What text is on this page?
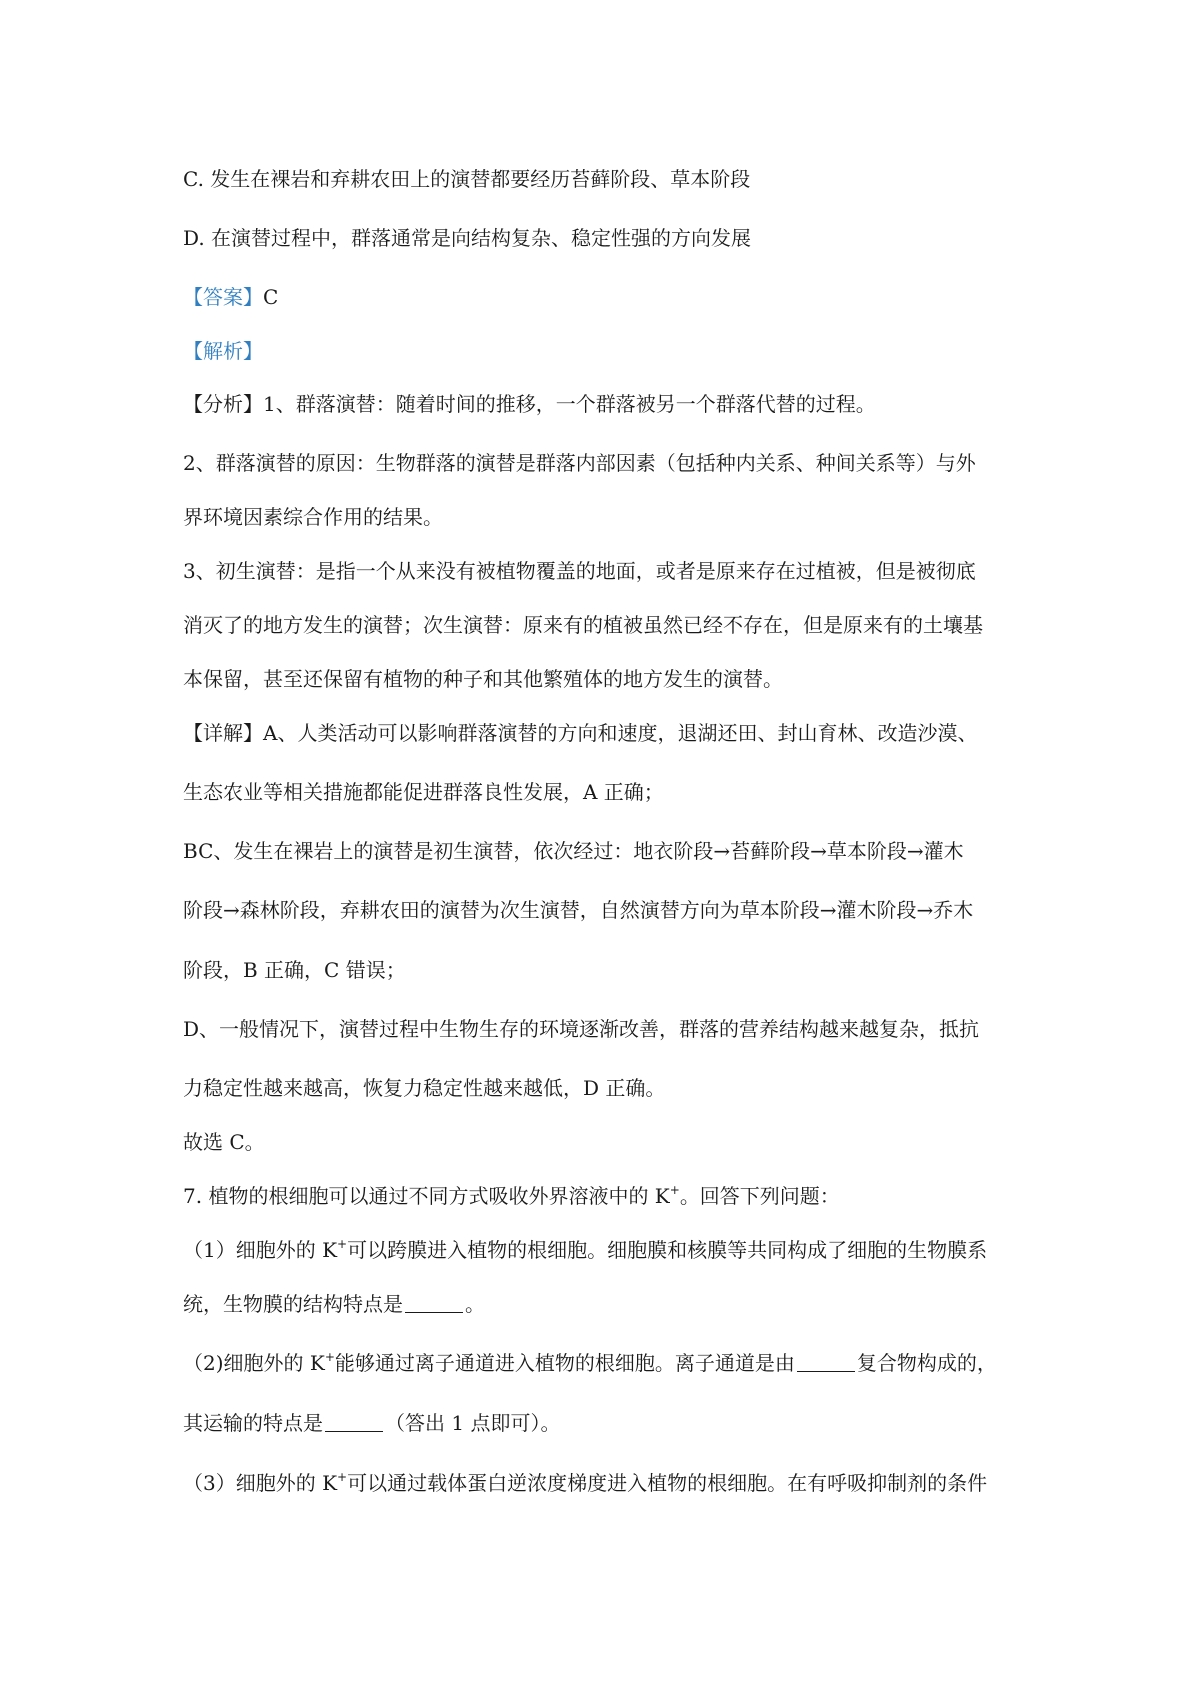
C. 发生在裸岩和弃耕农田上的演替都要经历苔藓阶段、草本阶段
D. 在演替过程中，群落通常是向结构复杂、稳定性强的方向发展
【答案】C
【解析】
【分析】1、群落演替：随着时间的推移，一个群落被另一个群落代替的过程。
2、群落演替的原因：生物群落的演替是群落内部因素（包括种内关系、种间关系等）与外
界环境因素综合作用的结果。
3、初生演替：是指一个从来没有被植物覆盖的地面，或者是原来存在过植被，但是被彻底
消灭了的地方发生的演替；次生演替：原来有的植被虽然已经不存在，但是原来有的土壤基
本保留，甚至还保留有植物的种子和其他繁殖体的地方发生的演替。
【详解】A、人类活动可以影响群落演替的方向和速度，退湖还田、封山育林、改造沙漠、
生态农业等相关措施都能促进群落良性发展，A 正确；
BC、发生在裸岩上的演替是初生演替，依次经过：地衣阶段→苔藓阶段→草本阶段→灌木
阶段→森林阶段，弃耕农田的演替为次生演替，自然演替方向为草本阶段→灌木阶段→乔木
阶段，B 正确，C 错误；
D、一般情况下，演替过程中生物生存的环境逐渐改善，群落的营养结构越来越复杂，抵抗
力稳定性越来越高，恢复力稳定性越来越低，D 正确。
故选 C。
7. 植物的根细胞可以通过不同方式吸收外界溶液中的 K+。回答下列问题：
（1）细胞外的 K+可以跨膜进入植物的根细胞。细胞膜和核膜等共同构成了细胞的生物膜系
统，生物膜的结构特点是	。
（2)细胞外的 K+能够通过离子通道进入植物的根细胞。离子通道是由	复合物构成的，
其运输的特点是	（答出 1 点即可）。
（3）细胞外的 K+可以通过载体蛋白逆浓度梯度进入植物的根细胞。在有呼吸抑制剂的条件
